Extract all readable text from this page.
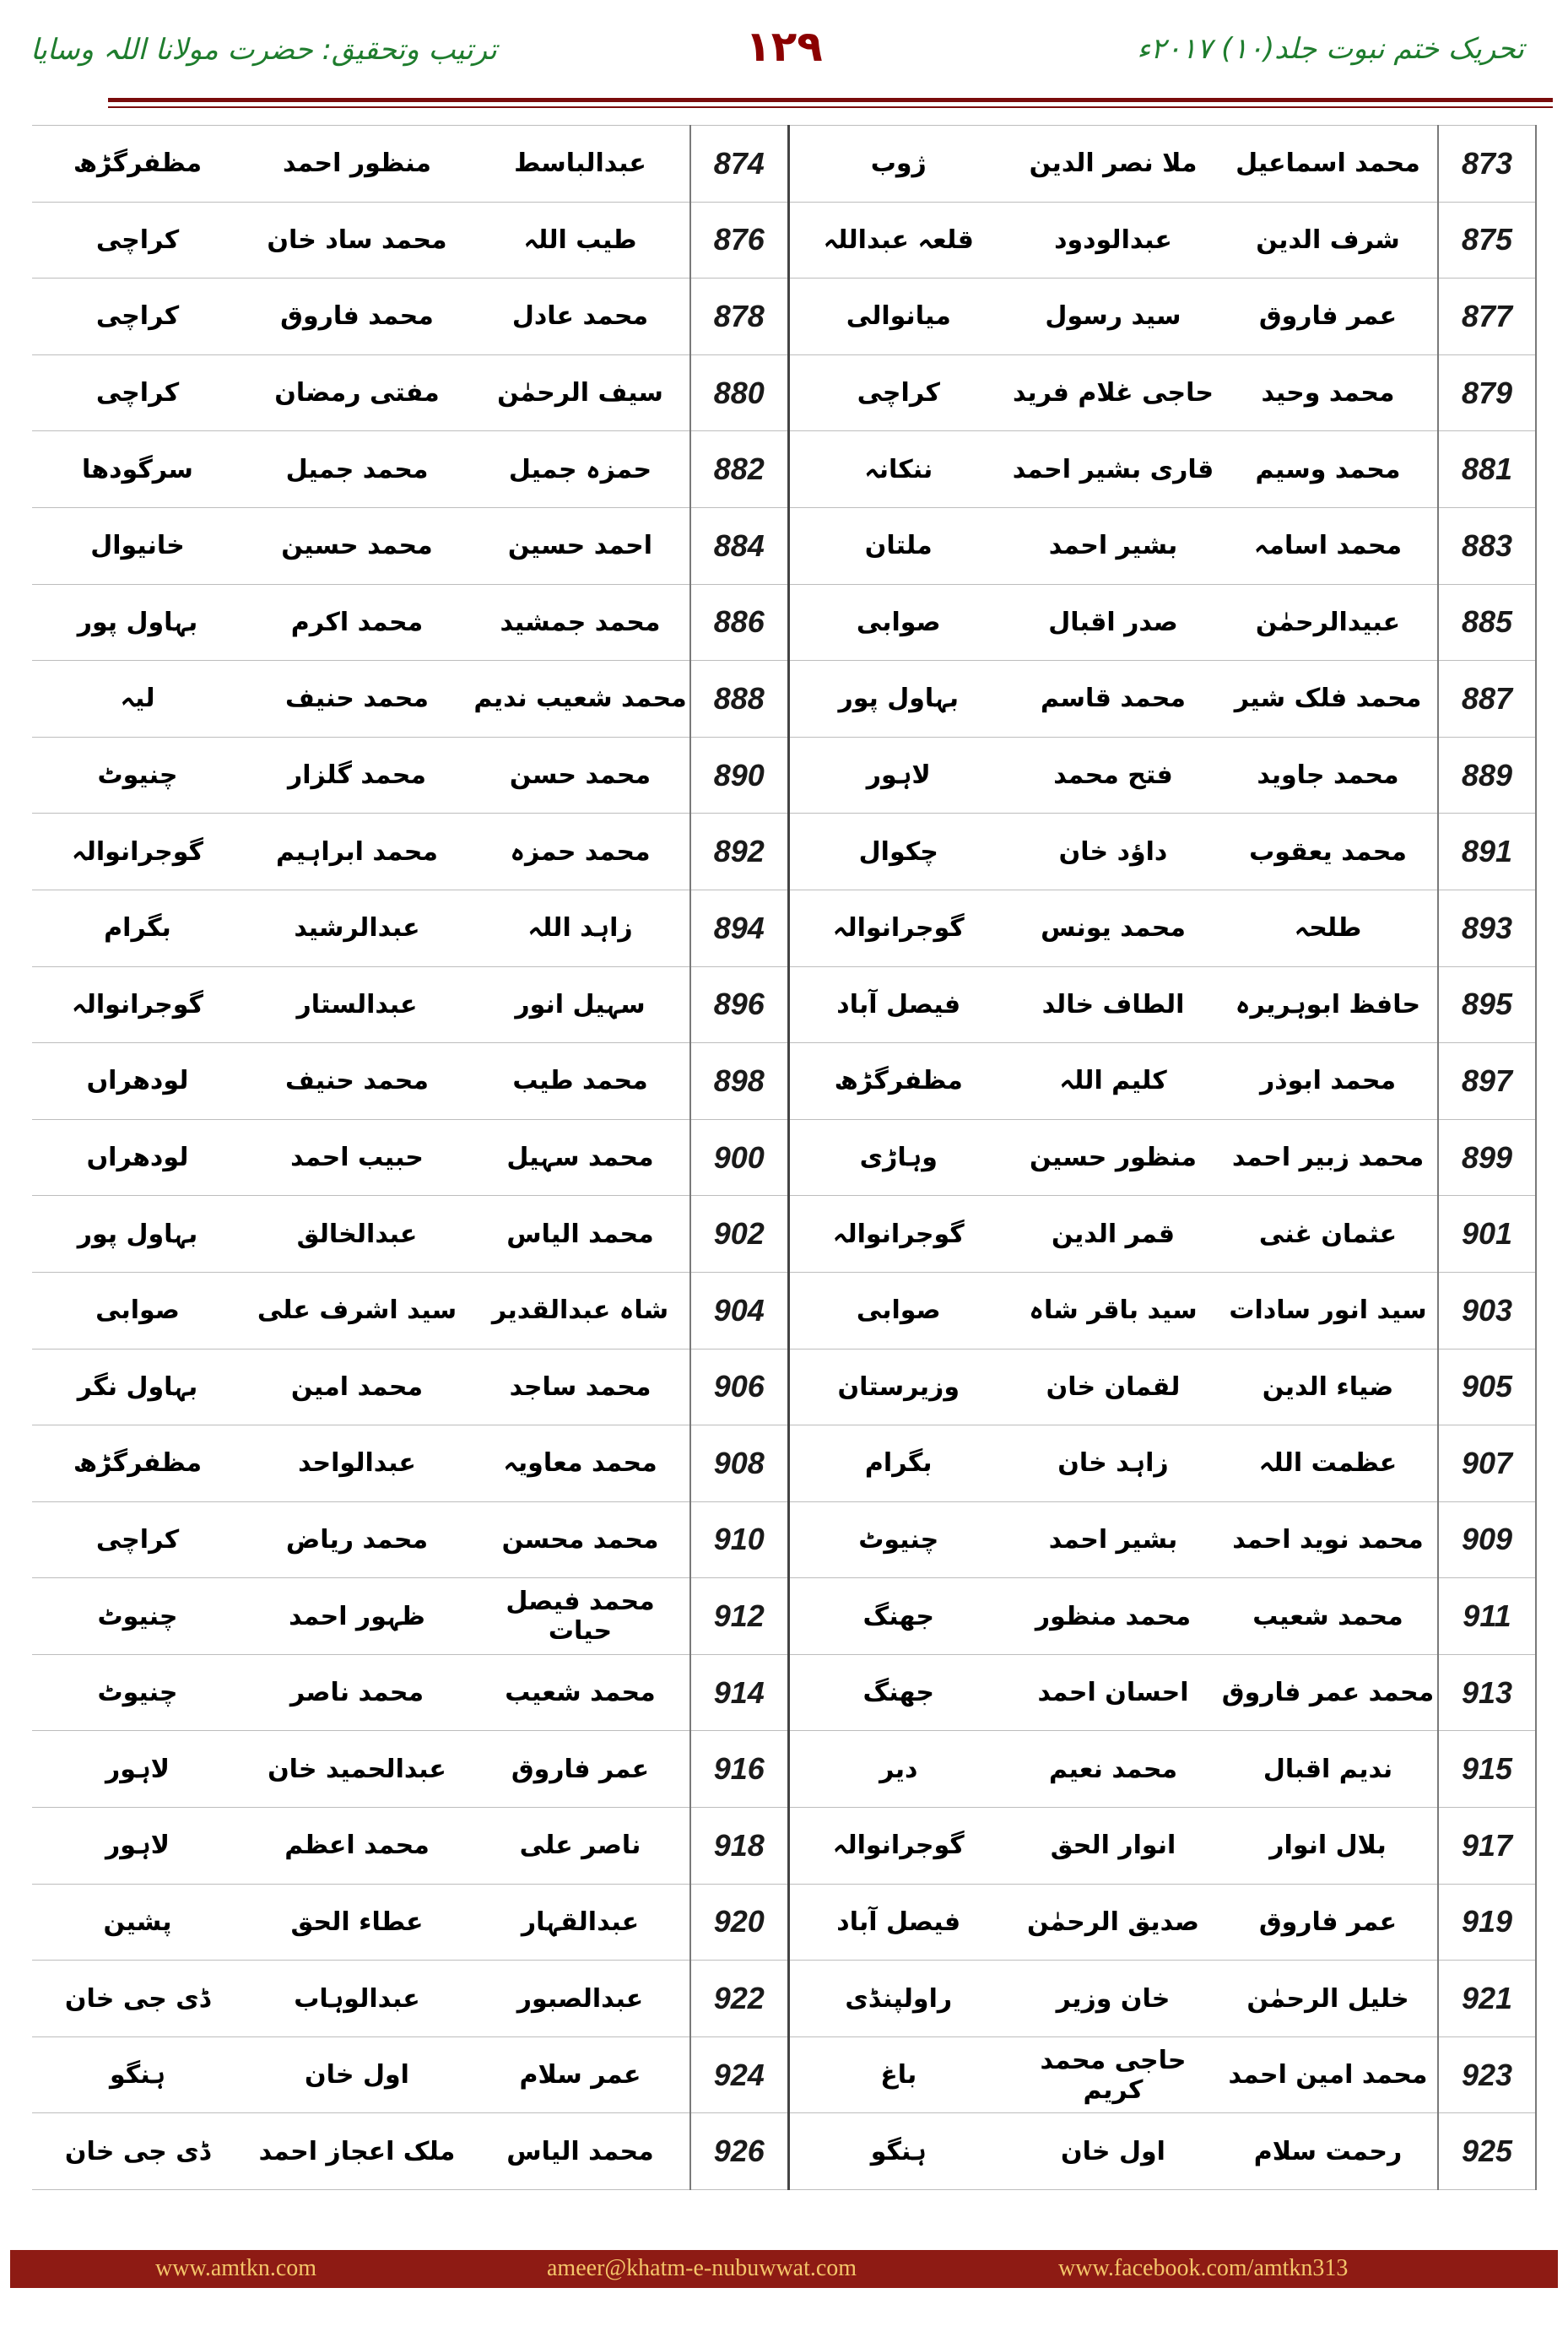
تحریک ختم نبوت جلد(۱۰) ۲۰۱۷ء
۱۲۹
ترتیب وتحقیق: حضرت مولانا اللہ وسایا
873	محمد اسماعیل	ملا نصر الدین	ژوب	874	عبدالباسط	منظور احمد	مظفرگڑھ
875	شرف الدین	عبدالودود	قلعہ عبداللہ	876	طیب اللہ	محمد ساد خان	کراچی
877	عمر فاروق	سید رسول	میانوالی	878	محمد عادل	محمد فاروق	کراچی
879	محمد وحید	حاجی غلام فرید	کراچی	880	سیف الرحمٰن	مفتی رمضان	کراچی
881	محمد وسیم	قاری بشیر احمد	ننکانہ	882	حمزہ جمیل	محمد جمیل	سرگودھا
883	محمد اسامہ	بشیر احمد	ملتان	884	احمد حسین	محمد حسین	خانیوال
885	عبیدالرحمٰن	صدر اقبال	صوابی	886	محمد جمشید	محمد اکرم	بہاول پور
887	محمد فلک شیر	محمد قاسم	بہاول پور	888	محمد شعیب ندیم	محمد حنیف	لیہ
889	محمد جاوید	فتح محمد	لاہور	890	محمد حسن	محمد گلزار	چنیوٹ
891	محمد یعقوب	داؤد خان	چکوال	892	محمد حمزہ	محمد ابراہیم	گوجرانوالہ
893	طلحہ	محمد یونس	گوجرانوالہ	894	زاہد اللہ	عبدالرشید	بگرام
895	حافظ ابوہریرہ	الطاف خالد	فیصل آباد	896	سہیل انور	عبدالستار	گوجرانوالہ
897	محمد ابوذر	کلیم اللہ	مظفرگڑھ	898	محمد طیب	محمد حنیف	لودھراں
899	محمد زبیر احمد	منظور حسین	وہاڑی	900	محمد سہیل	حبیب احمد	لودھراں
901	عثمان غنی	قمر الدین	گوجرانوالہ	902	محمد الیاس	عبدالخالق	بہاول پور
903	سید انور سادات	سید باقر شاہ	صوابی	904	شاہ عبدالقدیر	سید اشرف علی	صوابی
905	ضیاء الدین	لقمان خان	وزیرستان	906	محمد ساجد	محمد امین	بہاول نگر
907	عظمت اللہ	زاہد خان	بگرام	908	محمد معاویہ	عبدالواحد	مظفرگڑھ
909	محمد نوید احمد	بشیر احمد	چنیوٹ	910	محمد محسن	محمد ریاض	کراچی
911	محمد شعیب	محمد منظور	جھنگ	912	محمد فیصل حیات	ظہور احمد	چنیوٹ
913	محمد عمر فاروق	احسان احمد	جھنگ	914	محمد شعیب	محمد ناصر	چنیوٹ
915	ندیم اقبال	محمد نعیم	دیر	916	عمر فاروق	عبدالحمید خان	لاہور
917	بلال انوار	انوار الحق	گوجرانوالہ	918	ناصر علی	محمد اعظم	لاہور
919	عمر فاروق	صدیق الرحمٰن	فیصل آباد	920	عبدالقہار	عطاء الحق	پشین
921	خلیل الرحمٰن	خان وزیر	راولپنڈی	922	عبدالصبور	عبدالوہاب	ڈی جی خان
923	محمد امین احمد	حاجی محمد کریم	باغ	924	عمر سلام	اول خان	ہنگو
925	رحمت سلام	اول خان	ہنگو	926	محمد الیاس	ملک اعجاز احمد	ڈی جی خان
www.amtkn.com	ameer@khatm-e-nubuwwat.com	www.facebook.com/amtkn313
